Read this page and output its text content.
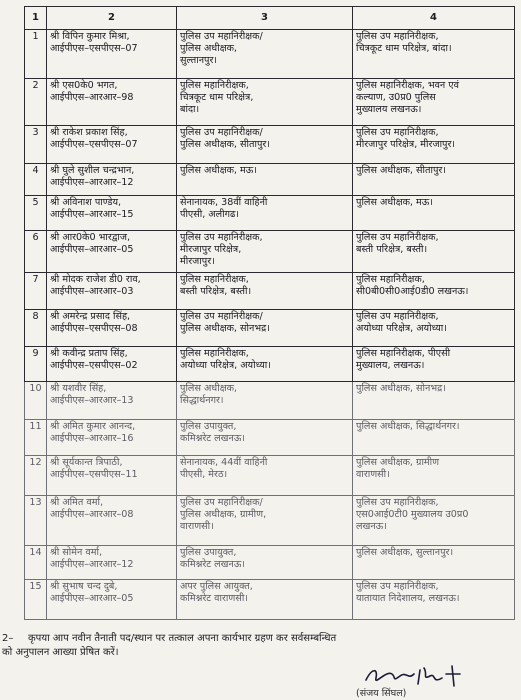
1	2	3	4
1	श्री विपिन कुमार मिश्रा,
आईपीएस–एसपीएस–07	पुलिस उप महानिरीक्षक/
पुलिस अधीक्षक,
सुल्तानपुर।	पुलिस उप महानिरीक्षक,
चित्रकूट धाम परिक्षेत्र, बांदा।

2	श्री एस0के0 भगत,
आईपीएस–आरआर–98	पुलिस महानिरीक्षक,
चित्रकूट धाम परिक्षेत्र,
बांदा।	पुलिस महानिरीक्षक, भवन एवं
कल्याण, उ0प्र0 पुलिस
मुख्यालय लखनऊ।

3	श्री राकेश प्रकाश सिंह,
आईपीएस–एसपीएस–07	पुलिस उप महानिरीक्षक/
पुलिस अधीक्षक, सीतापुर।	पुलिस उप महानिरीक्षक,
मीरजापुर परिक्षेत्र, मीरजापुर।

4	श्री घुले सुशील चन्द्रभान,
आईपीएस–आरआर–12	पुलिस अधीक्षक, मऊ।	पुलिस अधीक्षक, सीतापुर।

5	श्री अविनाश पाण्डेय,
आईपीएस–आरआर–15	सेनानायक, 38वीं वाहिनी
पीएसी, अलीगढ।	पुलिस अधीक्षक, मऊ।

6	श्री आर0के0 भारद्वाज,
आईपीएस–आरआर–05	पुलिस उप महानिरीक्षक,
मीरजापुर परिक्षेत्र,
मीरजापुर।	पुलिस उप महानिरीक्षक,
बस्ती परिक्षेत्र, बस्ती।

7	श्री मोदक राजेश डी0 राव,
आईपीएस–आरआर–03	पुलिस महानिरीक्षक,
बस्ती परिक्षेत्र, बस्ती।	पुलिस महानिरीक्षक,
सी0बी0सी0आई0डी0 लखनऊ।

8	श्री अमरेन्द्र प्रसाद सिंह,
आईपीएस–एसपीएस–08	पुलिस उप महानिरीक्षक/
पुलिस अधीक्षक, सोनभद्र।	पुलिस उप महानिरीक्षक,
अयोध्या परिक्षेत्र, अयोध्या।

9	श्री कवीन्द्र प्रताप सिंह,
आईपीएस–एसपीएस–02	पुलिस महानिरीक्षक,
अयोध्या परिक्षेत्र, अयोध्या।	पुलिस महानिरीक्षक, पीएसी
मुख्यालय, लखनऊ।

10	श्री यशवीर सिंह,
आईपीएस–आरआर–13	पुलिस अधीक्षक,
सिद्धार्थनगर।	पुलिस अधीक्षक, सोनभद्र।

11	श्री अमित कुमार आनन्द,
आईपीएस–आरआर–16	पुलिस उपायुक्त,
कमिश्नरेट लखनऊ।	पुलिस अधीक्षक, सिद्धार्थनगर।

12	श्री सूर्यकान्त त्रिपाठी,
आईपीएस–एसपीएस–11	सेनानायक, 44वीं वाहिनी
पीएसी, मेरठ।	पुलिस अधीक्षक, ग्रामीण
वाराणसी।

13	श्री अमित वर्मा,
आईपीएस–आरआर–08	पुलिस उप महानिरीक्षक/
पुलिस अधीक्षक, ग्रामीण,
वाराणसी।	पुलिस उप महानिरीक्षक,
एस0आई0टी0 मुख्यालय उ0प्र0
लखनऊ।

14	श्री सोमेन वर्मा,
आईपीएस–आरआर–12	पुलिस उपायुक्त,
कमिश्नरेट लखनऊ।	पुलिस अधीक्षक, सुल्तानपुर।

15	श्री सुभाष चन्द दुबे,
आईपीएस–आरआर–05	अपर पुलिस आयुक्त,
कमिश्नरेट वाराणसी।	पुलिस उप महानिरीक्षक,
यातायात निदेशालय, लखनऊ।
2– कृपया आप नवीन तैनाती पद/स्थान पर तत्काल अपना कार्यभार ग्रहण कर सर्वसम्बन्धित
को अनुपालन आख्या प्रेषित करें।
(संजय सिंघल)
